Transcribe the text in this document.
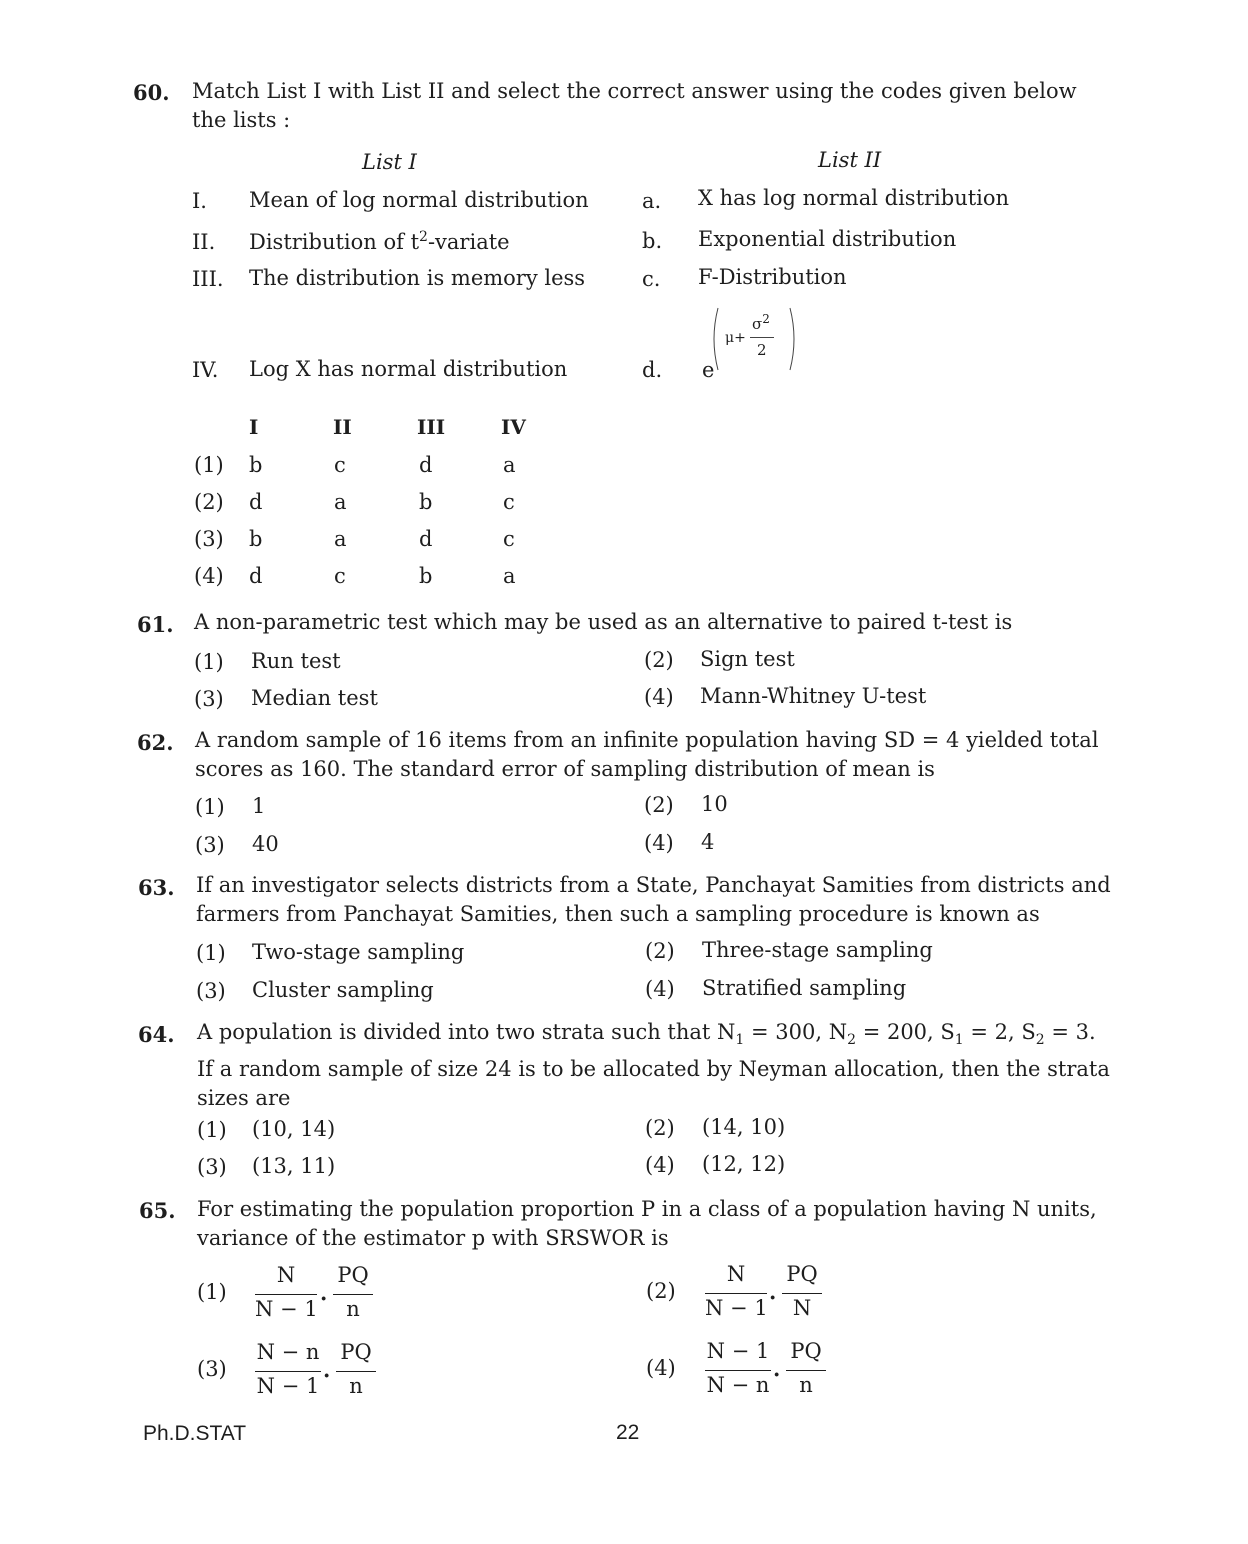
60. Match List I with List II and select the correct answer using the codes given below the lists :
List I	List II
I. Mean of log normal distribution	a. X has log normal distribution
II. Distribution of $t^2$-variate	b. Exponential distribution
III. The distribution is memory less	c. F-Distribution
IV. Log X has normal distribution	d. e
μ+
$\sigma^2$
2
I	II	III	IV
(1) b	c	d	a
(2) d	a	b	c
(3) b	a	d	c
(4) d	c	b	a
61. A non-parametric test which may be used as an alternative to paired t-test is
(1) Run test	(2) Sign test
(3) Median test	(4) Mann-Whitney U-test
62. A random sample of 16 items from an infinite population having SD = 4 yielded total scores as 160. The standard error of sampling distribution of mean is
(1) 1	(2) 10
(3) 40	(4) 4
63. If an investigator selects districts from a State, Panchayat Samities from districts and farmers from Panchayat Samities, then such a sampling procedure is known as
(1) Two-stage sampling	(2) Three-stage sampling
(3) Cluster sampling	(4) Stratified sampling
64. A population is divided into two strata such that $N_1 = 300$, $N_2 = 200$, $S_1 = 2$, $S_2 = 3$. If a random sample of size 24 is to be allocated by Neyman allocation, then the strata sizes are
(1) (10, 14)	(2) (14, 10)
(3) (13, 11)	(4) (12, 12)
65. For estimating the population proportion P in a class of a population having N units, variance of the estimator p with SRSWOR is
(1)
N
N − 1 ·
PQ
n
(2)
N
N − 1 ·
PQ
N
(3)
N − n
N − 1 ·
PQ
n
(4)
N − 1
N − n ·
PQ
n
Ph.D.STAT	22
